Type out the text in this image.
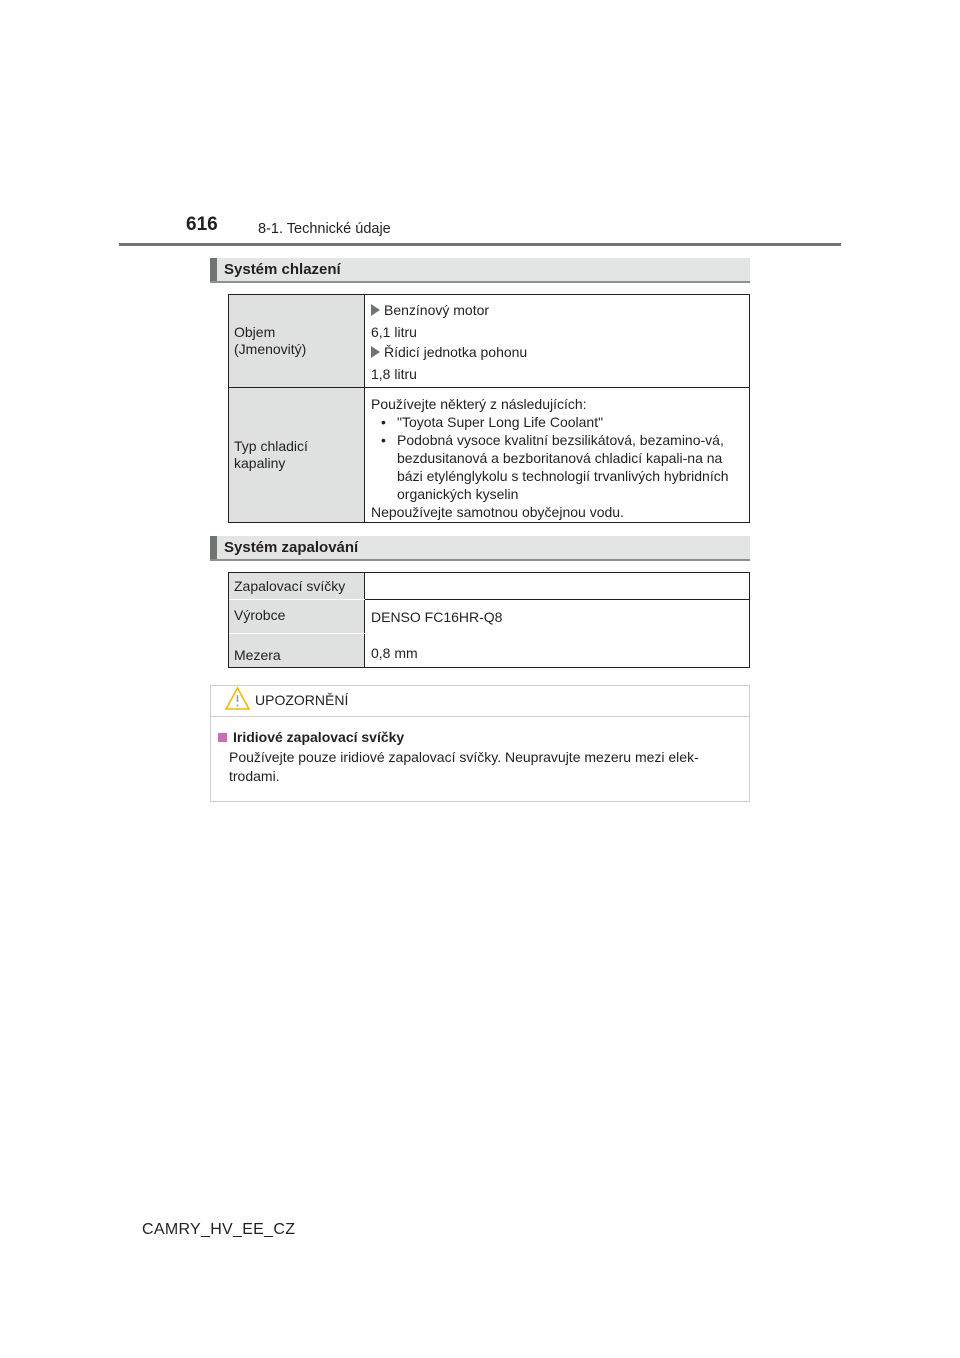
616	8-1. Technické údaje
Systém chlazení
Objem (Jmenovitý)
Benzínový motor
6,1 litru
Řídicí jednotka pohonu
1,8 litru
Typ chladicí kapaliny
Používejte některý z následujících:
• "Toyota Super Long Life Coolant"
• Podobná vysoce kvalitní bezsilikátová, bezamino-vá, bezdusitanová a bezboritanová chladicí kapali-na na bázi etylénglykolu s technologií trvanlivých hybridních organických kyselin
Nepoužívejte samotnou obyčejnou vodu.
Systém zapalování
Zapalovací svíčky
Výrobce
Mezera
DENSO FC16HR-Q8
0,8 mm
UPOZORNĚNÍ
Iridiové zapalovací svíčky
Používejte pouze iridiové zapalovací svíčky. Neupravujte mezeru mezi elek-trodami.
CAMRY_HV_EE_CZ
